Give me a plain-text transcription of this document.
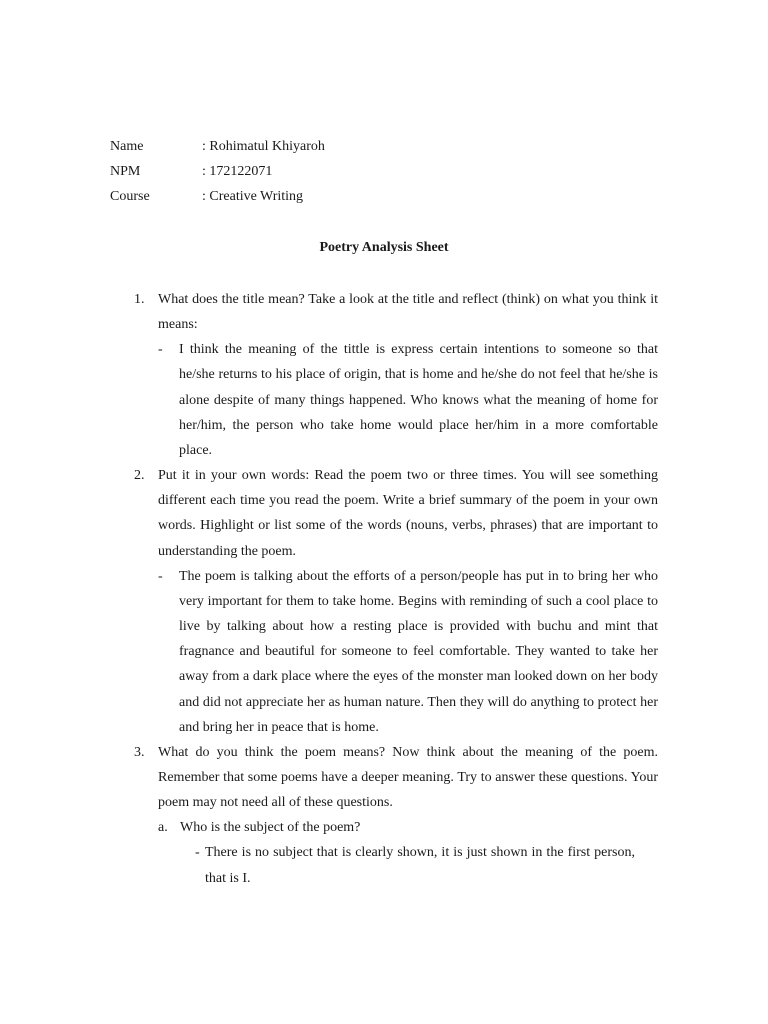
Name	: Rohimatul Khiyaroh
NPM	: 172122071
Course	: Creative Writing
Poetry Analysis Sheet
1. What does the title mean? Take a look at the title and reflect (think) on what you think it means:
- I think the meaning of the tittle is express certain intentions to someone so that he/she returns to his place of origin, that is home and he/she do not feel that he/she is alone despite of many things happened. Who knows what the meaning of home for her/him, the person who take home would place her/him in a more comfortable place.
2. Put it in your own words: Read the poem two or three times. You will see something different each time you read the poem. Write a brief summary of the poem in your own words. Highlight or list some of the words (nouns, verbs, phrases) that are important to understanding the poem.
- The poem is talking about the efforts of a person/people has put in to bring her who very important for them to take home. Begins with reminding of such a cool place to live by talking about how a resting place is provided with buchu and mint that fragnance and beautiful for someone to feel comfortable. They wanted to take her away from a dark place where the eyes of the monster man looked down on her body and did not appreciate her as human nature. Then they will do anything to protect her and bring her in peace that is home.
3. What do you think the poem means? Now think about the meaning of the poem. Remember that some poems have a deeper meaning. Try to answer these questions. Your poem may not need all of these questions.
a. Who is the subject of the poem?
- There is no subject that is clearly shown, it is just shown in the first person, that is I.
